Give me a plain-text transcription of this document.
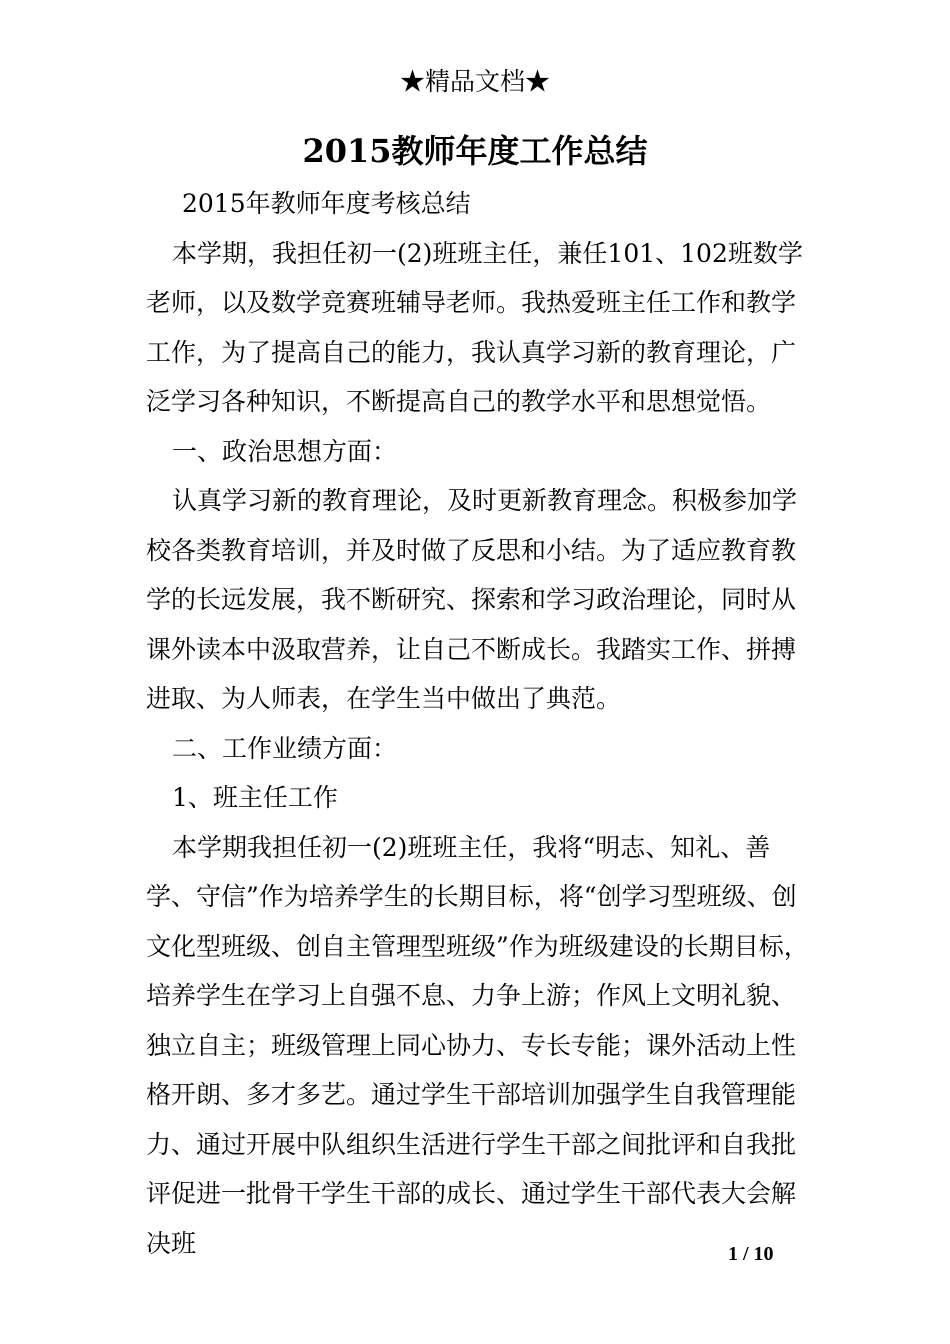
★精品文档★
2015教师年度工作总结

2015年教师年度考核总结

本学期，我担任初一(2)班班主任，兼任101、102班数学老师，以及数学竞赛班辅导老师。我热爱班主任工作和教学工作，为了提高自己的能力，我认真学习新的教育理论，广泛学习各种知识，不断提高自己的教学水平和思想觉悟。

一、政治思想方面：

认真学习新的教育理论，及时更新教育理念。积极参加学校各类教育培训，并及时做了反思和小结。为了适应教育教学的长远发展，我不断研究、探索和学习政治理论，同时从课外读本中汲取营养，让自己不断成长。我踏实工作、拼搏进取、为人师表，在学生当中做出了典范。

二、工作业绩方面：

1、班主任工作

本学期我担任初一(2)班班主任，我将“明志、知礼、善学、守信”作为培养学生的长期目标，将“创学习型班级、创文化型班级、创自主管理型班级”作为班级建设的长期目标，培养学生在学习上自强不息、力争上游；作风上文明礼貌、独立自主；班级管理上同心协力、专长专能；课外活动上性格开朗、多才多艺。通过学生干部培训加强学生自我管理能力、通过开展中队组织生活进行学生干部之间批评和自我批评促进一批骨干学生干部的成长、通过学生干部代表大会解决班	1 / 10
